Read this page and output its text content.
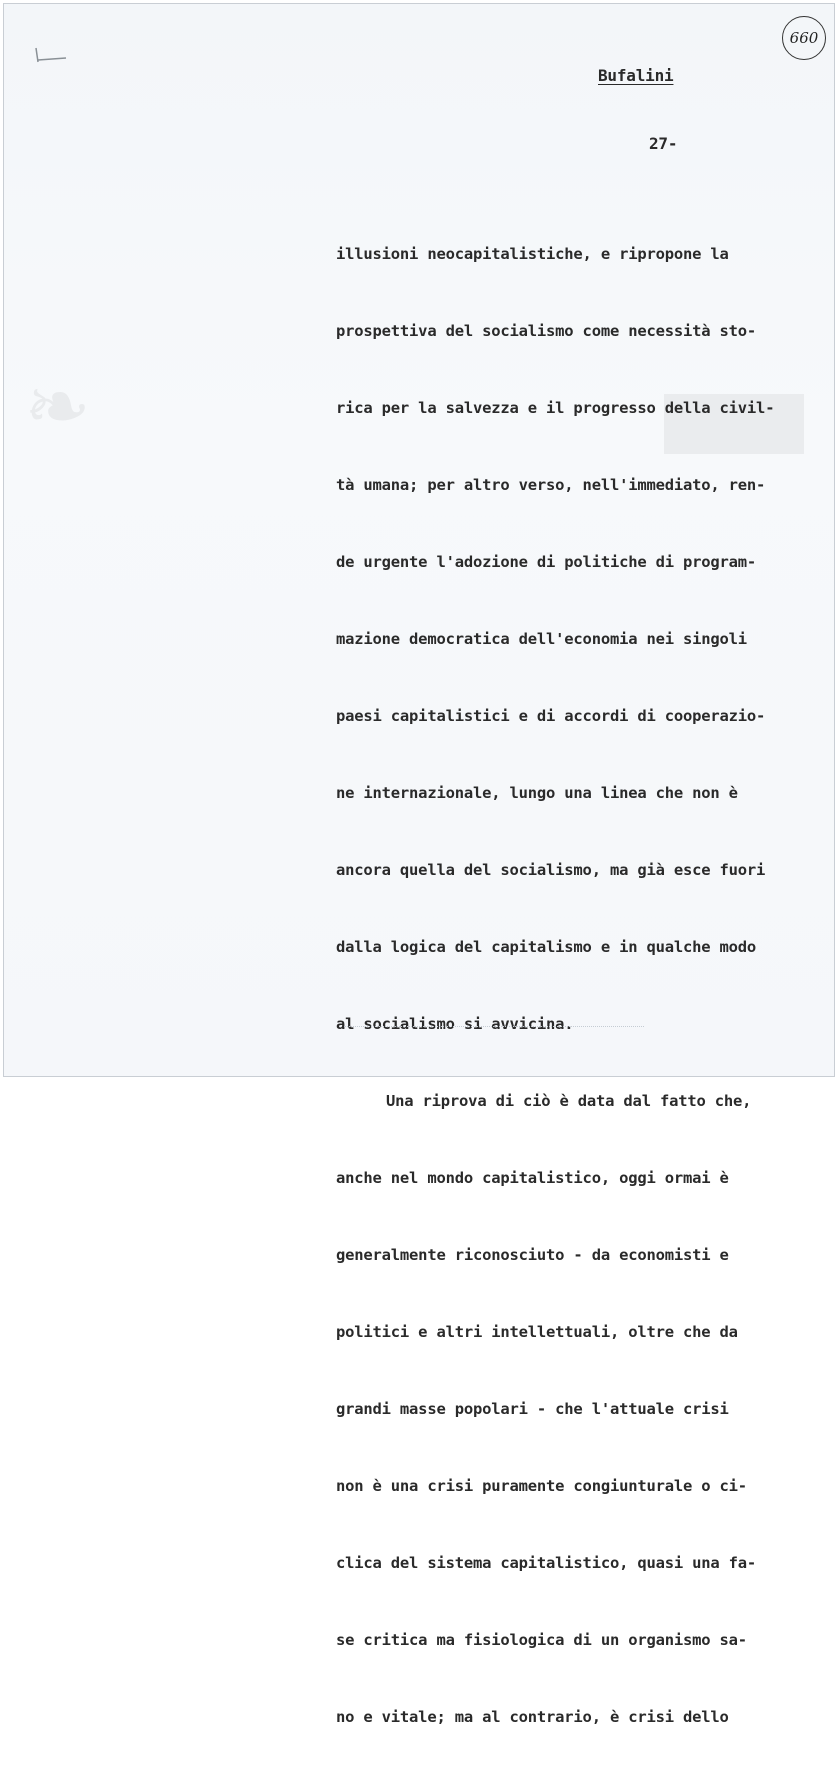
660
Bufalini
27-
❧

illusioni neocapitalistiche, e ripropone la

prospettiva del socialismo come necessità sto-

rica per la salvezza e il progresso della civil-

tà umana; per altro verso, nell'immediato, ren-

de urgente l'adozione di politiche di program-

mazione democratica dell'economia nei singoli

paesi capitalistici e di accordi di cooperazio-

ne internazionale, lungo una linea che non è

ancora quella del socialismo, ma già esce fuori

dalla logica del capitalismo e in qualche modo

al socialismo si avvicina.

Una riprova di ciò è data dal fatto che,

anche nel mondo capitalistico, oggi ormai è

generalmente riconosciuto - da economisti e

politici e altri intellettuali, oltre che da

grandi masse popolari - che l'attuale crisi

non è una crisi puramente congiunturale o ci-

clica del sistema capitalistico, quasi una fa-

se critica ma fisiologica di un organismo sa-

no e vitale; ma al contrario, è crisi dello
